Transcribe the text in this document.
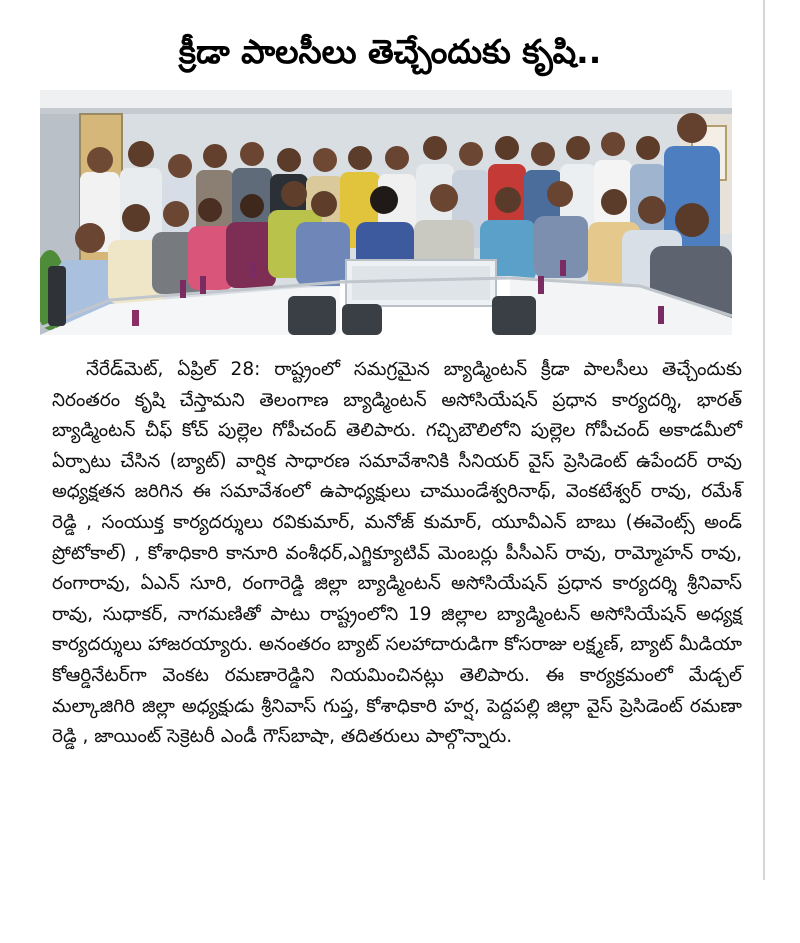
క్రీడా పాలసీలు తెచ్చేందుకు కృషి..

నేరేడ్‌మెట్‌, ఏప్రిల్‌ 28: రాష్ట్రంలో సమగ్రమైన బ్యాడ్మింటన్‌ క్రీడా పాలసీలు తెచ్చేందుకు నిరంతరం కృషి చేస్తామని తెలంగాణ బ్యాడ్మింటన్‌ అసోసియేషన్‌ ప్రధాన కార్యదర్శి, భారత్‌ బ్యాడ్మింటన్‌ చీఫ్‌ కోచ్‌ పుల్లెల గోపీచంద్‌ తెలిపారు. గచ్చిబౌలిలోని పుల్లెల గోపీచంద్‌ అకాడమీలో ఏర్పాటు చేసిన (బ్యాట్‌) వార్షిక సాధారణ సమావేశానికి సీనియర్‌ వైస్‌ ప్రెసిడెంట్‌ ఉపేందర్‌ రావు అధ్యక్షతన జరిగిన ఈ సమావేశంలో ఉపాధ్యక్షులు చాముండేశ్వరినాథ్‌, వెంకటేశ్వర్‌ రావు, రమేశ్‌ రెడ్డి , సంయుక్త కార్యదర్శులు రవికుమార్‌, మనోజ్‌ కుమార్‌, యూవీఎన్‌ బాబు (ఈవెంట్స్‌ అండ్‌ ప్రోటోకాల్‌) , కోశాధికారి కానూరి వంశీధర్‌,ఎగ్జిక్యూటివ్‌ మెంబర్లు పీసీఎస్‌ రావు, రామ్మోహన్‌ రావు, రంగారావు, ఏఎన్‌ సూరి, రంగారెడ్డి జిల్లా బ్యాడ్మింటన్‌ అసోసియేషన్‌ ప్రధాన కార్యదర్శి శ్రీనివాస్‌ రావు, సుధాకర్‌, నాగమణితో పాటు రాష్ట్రంలోని 19 జిల్లాల బ్యాడ్మింటన్‌ అసోసియేషన్‌ అధ్యక్ష కార్యదర్శులు హాజరయ్యారు. అనంతరం బ్యాట్‌ సలహాదారుడిగా కోసరాజు లక్ష్మణ్‌, బ్యాట్‌ మీడియా కోఆర్డినేటర్‌గా వెంకట రమణారెడ్డిని నియమించినట్లు తెలిపారు. ఈ కార్యక్రమంలో మేడ్చల్‌ మల్కాజిగిరి జిల్లా అధ్యక్షుడు శ్రీనివాస్‌ గుప్త, కోశాధికారి హర్ష, పెద్దపల్లి జిల్లా వైస్‌ ప్రెసిడెంట్‌ రమణా రెడ్డి , జాయింట్‌ సెక్రెటరీ ఎండీ గౌస్‌బాషా, తదితరులు పాల్గొన్నారు.
